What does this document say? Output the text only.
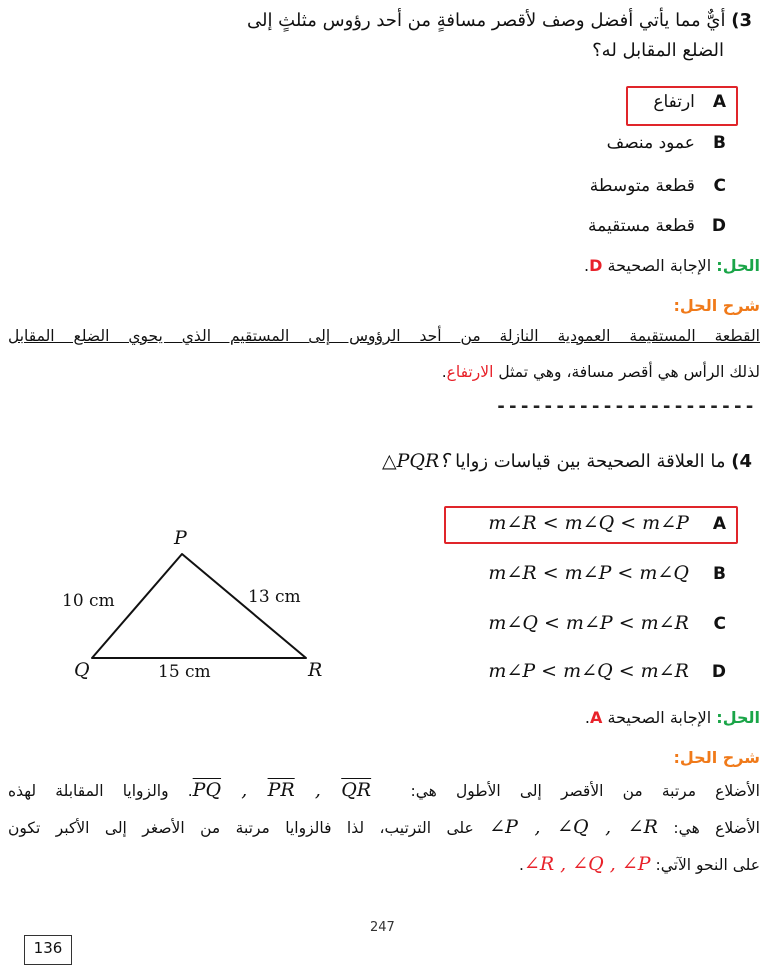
3) أيٌّ مما يأتي أفضل وصف لأقصر مسافةٍ من أحد رؤوس مثلثٍ إلى
الضلع المقابل له؟
A ارتفاع
B عمود منصف
C قطعة متوسطة
D قطعة مستقيمة
الحل: الإجابة الصحيحة D.
شرح الحل:
القطعة المستقيمة العمودية النازلة من أحد الرؤوس إلى المستقيم الذي يحوي الضلع المقابل
لذلك الرأس هي أقصر مسافة، وهي تمثل الارتفاع.
----------------------
4) ما العلاقة الصحيحة بين قياسات زوايا △PQR؟
P
Q	R
10 cm	13 cm
15 cm
A m∠R < m∠Q < m∠P
B m∠R < m∠P < m∠Q
C m∠Q < m∠P < m∠R
D m∠P < m∠Q < m∠R
الحل: الإجابة الصحيحة A.
شرح الحل:
الأضلاع مرتبة من الأقصر إلى الأطول هي: $\overline{PQ}$ , $\overline{PR}$ , $\overline{QR}$ . والزوايا المقابلة لهذه
الأضلاع هي: ∠P , ∠Q , ∠R على الترتيب، لذا فالزوايا مرتبة من الأصغر إلى الأكبر تكون
على النحو الآتي: ∠R , ∠Q , ∠P.
247
136
